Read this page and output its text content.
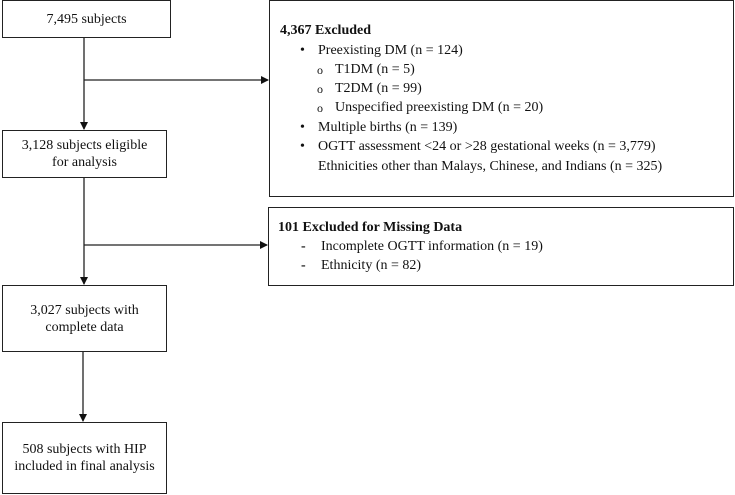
7,495 subjects
3,128 subjects eligible
for analysis
3,027 subjects with
complete data
508 subjects with HIP
included in final analysis
4,367 Excluded
• Preexisting DM (n = 124)
o T1DM (n = 5)
o T2DM (n = 99)
o Unspecified preexisting DM (n = 20)
• Multiple births (n = 139)
• OGTT assessment <24 or >28 gestational weeks (n = 3,779)
Ethnicities other than Malays, Chinese, and Indians (n = 325)
101 Excluded for Missing Data
- Incomplete OGTT information (n = 19)
- Ethnicity (n = 82)
